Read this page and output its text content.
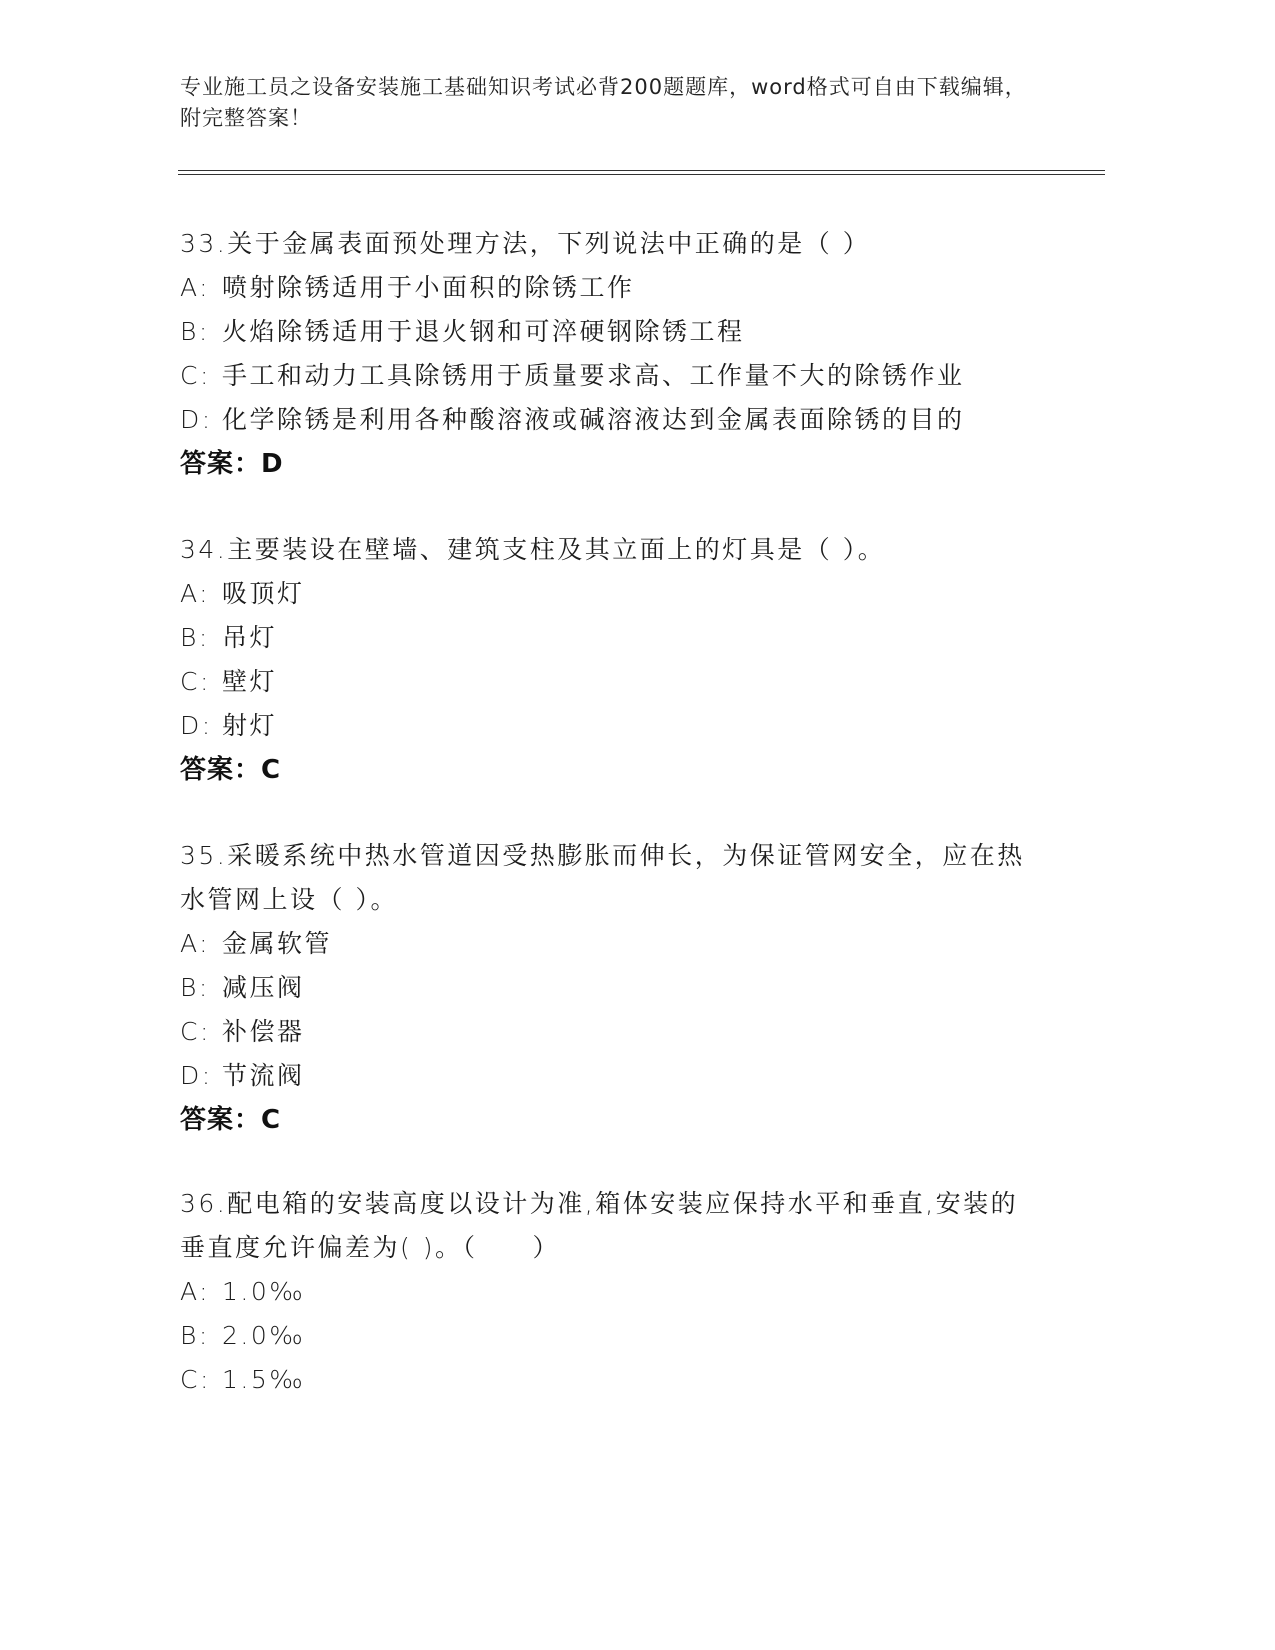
专业施工员之设备安装施工基础知识考试必背200题题库，word格式可自由下载编辑，附完整答案！

33.关于金属表面预处理方法，下列说法中正确的是（ ）

A: 喷射除锈适用于小面积的除锈工作
B: 火焰除锈适用于退火钢和可淬硬钢除锈工程
C: 手工和动力工具除锈用于质量要求高、工作量不大的除锈作业
D: 化学除锈是利用各种酸溶液或碱溶液达到金属表面除锈的目的
答案：D

34.主要装设在壁墙、建筑支柱及其立面上的灯具是（ ）。

A: 吸顶灯
B: 吊灯
C: 壁灯
D: 射灯
答案：C

35.采暖系统中热水管道因受热膨胀而伸长，为保证管网安全，应在热水管网上设（ ）。

A: 金属软管
B: 减压阀
C: 补偿器
D: 节流阀
答案：C

36.配电箱的安装高度以设计为准,箱体安装应保持水平和垂直,安装的垂直度允许偏差为( )。（　　）

A: 1.0‰
B: 2.0‰
C: 1.5‰
